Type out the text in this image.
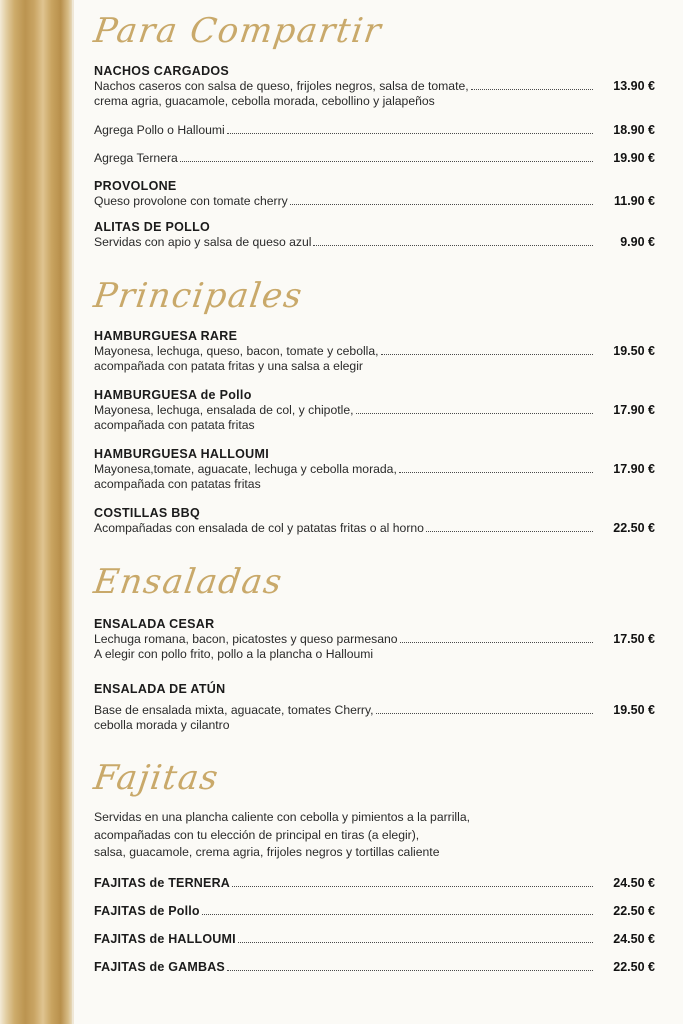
Para Compartir
NACHOS CARGADOS
Nachos caseros con salsa de queso, frijoles negros, salsa de tomate,	13.90 €
crema agria, guacamole, cebolla morada, cebollino y jalapeños
Agrega Pollo o Halloumi	18.90 €
Agrega Ternera	19.90 €
PROVOLONE
Queso provolone con tomate cherry	11.90 €
ALITAS DE POLLO
Servidas con apio y salsa de queso azul	9.90 €
Principales
HAMBURGUESA RARE
Mayonesa, lechuga, queso, bacon, tomate y cebolla,	19.50 €
acompañada con patata fritas y una salsa a elegir
HAMBURGUESA de Pollo
Mayonesa, lechuga, ensalada de col, y chipotle,	17.90 €
acompañada con patata fritas
HAMBURGUESA HALLOUMI
Mayonesa,tomate, aguacate, lechuga y cebolla morada,	17.90 €
acompañada con patatas fritas
COSTILLAS BBQ
Acompañadas con ensalada de col y patatas fritas o al horno	22.50 €
Ensaladas
ENSALADA CESAR
Lechuga romana, bacon, picatostes y queso parmesano	17.50 €
A elegir con pollo frito, pollo a la plancha o Halloumi
ENSALADA DE ATÚN
Base de ensalada mixta, aguacate, tomates Cherry,	19.50 €
cebolla morada y cilantro
Fajitas
Servidas en una plancha caliente con cebolla y pimientos a la parrilla,
acompañadas con tu elección de principal en tiras (a elegir),
salsa, guacamole, crema agria, frijoles negros y tortillas caliente
FAJITAS de TERNERA	24.50 €
FAJITAS de Pollo	22.50 €
FAJITAS de HALLOUMI	24.50 €
FAJITAS de GAMBAS	22.50 €
